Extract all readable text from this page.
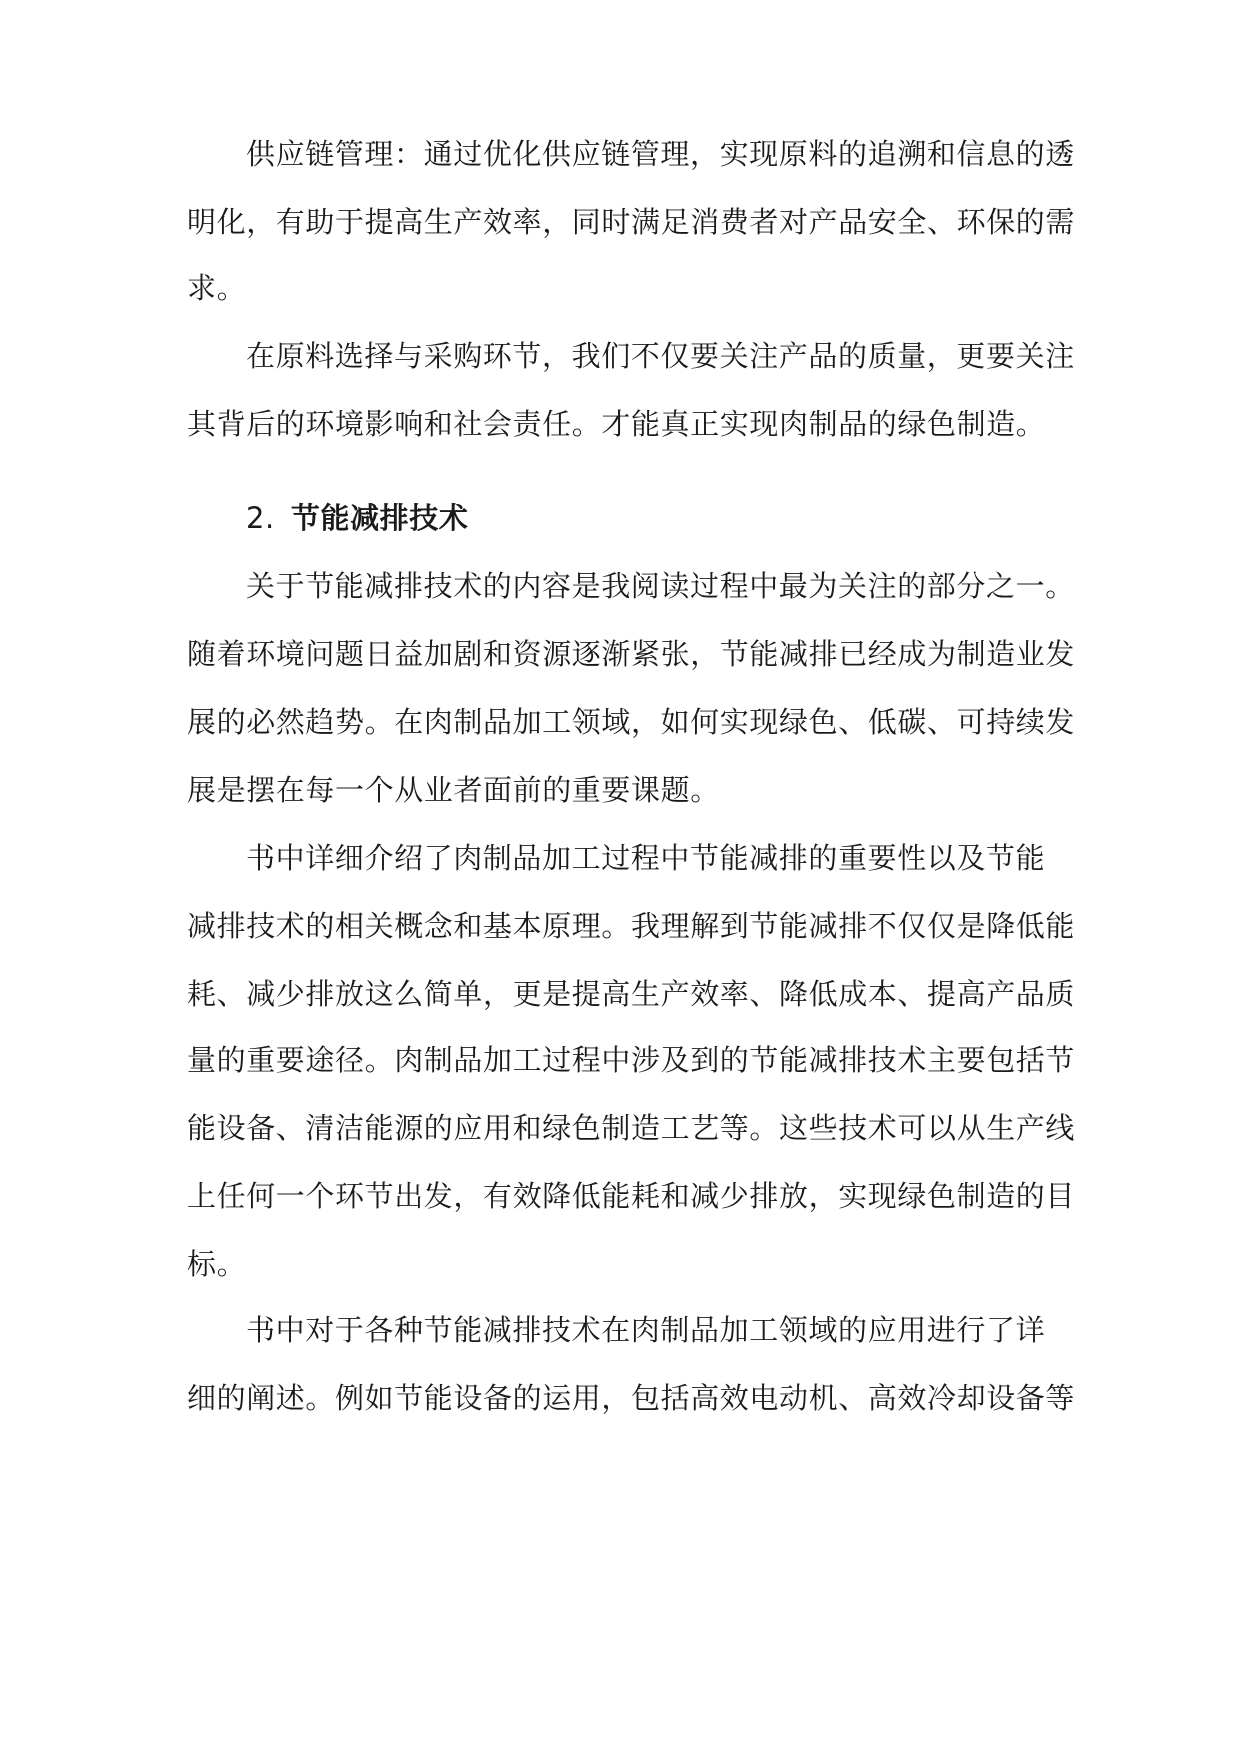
供应链管理：通过优化供应链管理，实现原料的追溯和信息的透
明化，有助于提高生产效率，同时满足消费者对产品安全、环保的需
求。
在原料选择与采购环节，我们不仅要关注产品的质量，更要关注
其背后的环境影响和社会责任。才能真正实现肉制品的绿色制造。
2. 节能减排技术
关于节能减排技术的内容是我阅读过程中最为关注的部分之一。
随着环境问题日益加剧和资源逐渐紧张，节能减排已经成为制造业发
展的必然趋势。在肉制品加工领域，如何实现绿色、低碳、可持续发
展是摆在每一个从业者面前的重要课题。
书中详细介绍了肉制品加工过程中节能减排的重要性以及节能
减排技术的相关概念和基本原理。我理解到节能减排不仅仅是降低能
耗、减少排放这么简单，更是提高生产效率、降低成本、提高产品质
量的重要途径。肉制品加工过程中涉及到的节能减排技术主要包括节
能设备、清洁能源的应用和绿色制造工艺等。这些技术可以从生产线
上任何一个环节出发，有效降低能耗和减少排放，实现绿色制造的目
标。
书中对于各种节能减排技术在肉制品加工领域的应用进行了详
细的阐述。例如节能设备的运用，包括高效电动机、高效冷却设备等
